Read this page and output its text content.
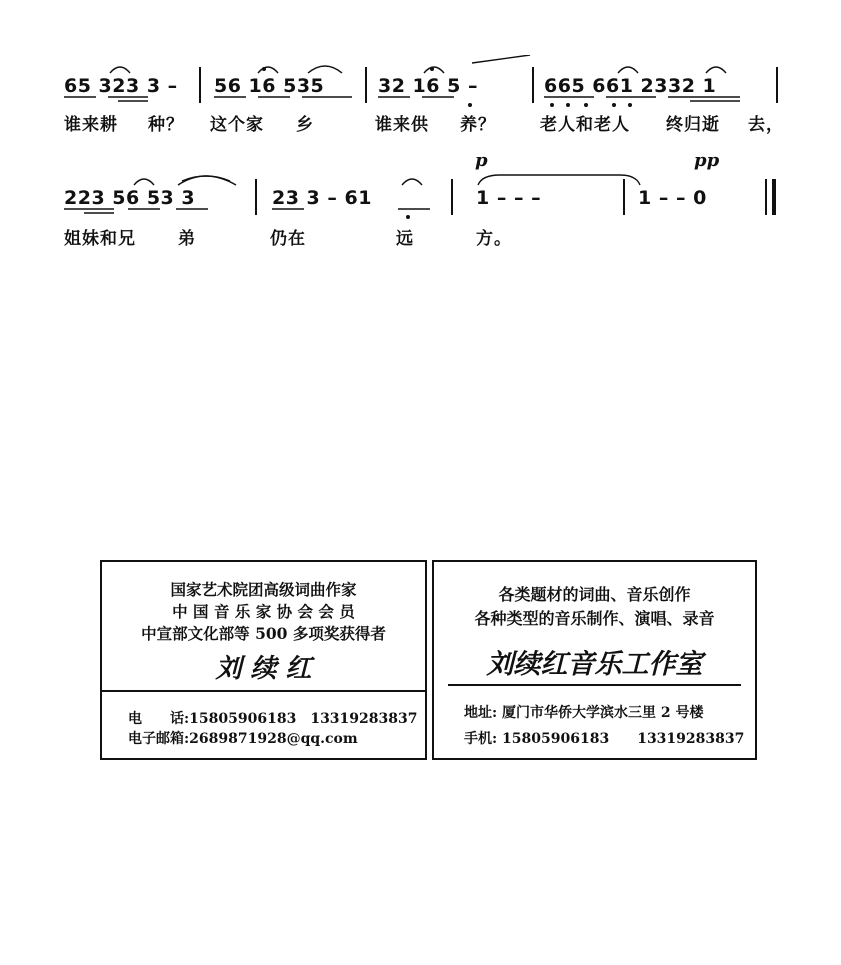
65 323 3 – 56 16 535	32 16 5 –	665 661 2332 1
谁来耕 种？ 这个家 乡	谁来供 养？	老人和老人 终归逝 去，
p	pp
223 56 53 3	23 3 – 61	1 – – –	1 – – 0
姐妹和兄 弟	仍在	远	方。
国家艺术院团高级词曲作家
中 国 音 乐 家 协 会 会 员
中宣部文化部等 500 多项奖获得者
刘 续 红
电　　话:15805906183　13319283837
电子邮箱:2689871928@qq.com
各类题材的词曲、音乐创作
各种类型的音乐制作、演唱、录音
刘续红音乐工作室
地址: 厦门市华侨大学滨水三里 2 号楼
手机: 15805906183　　13319283837
